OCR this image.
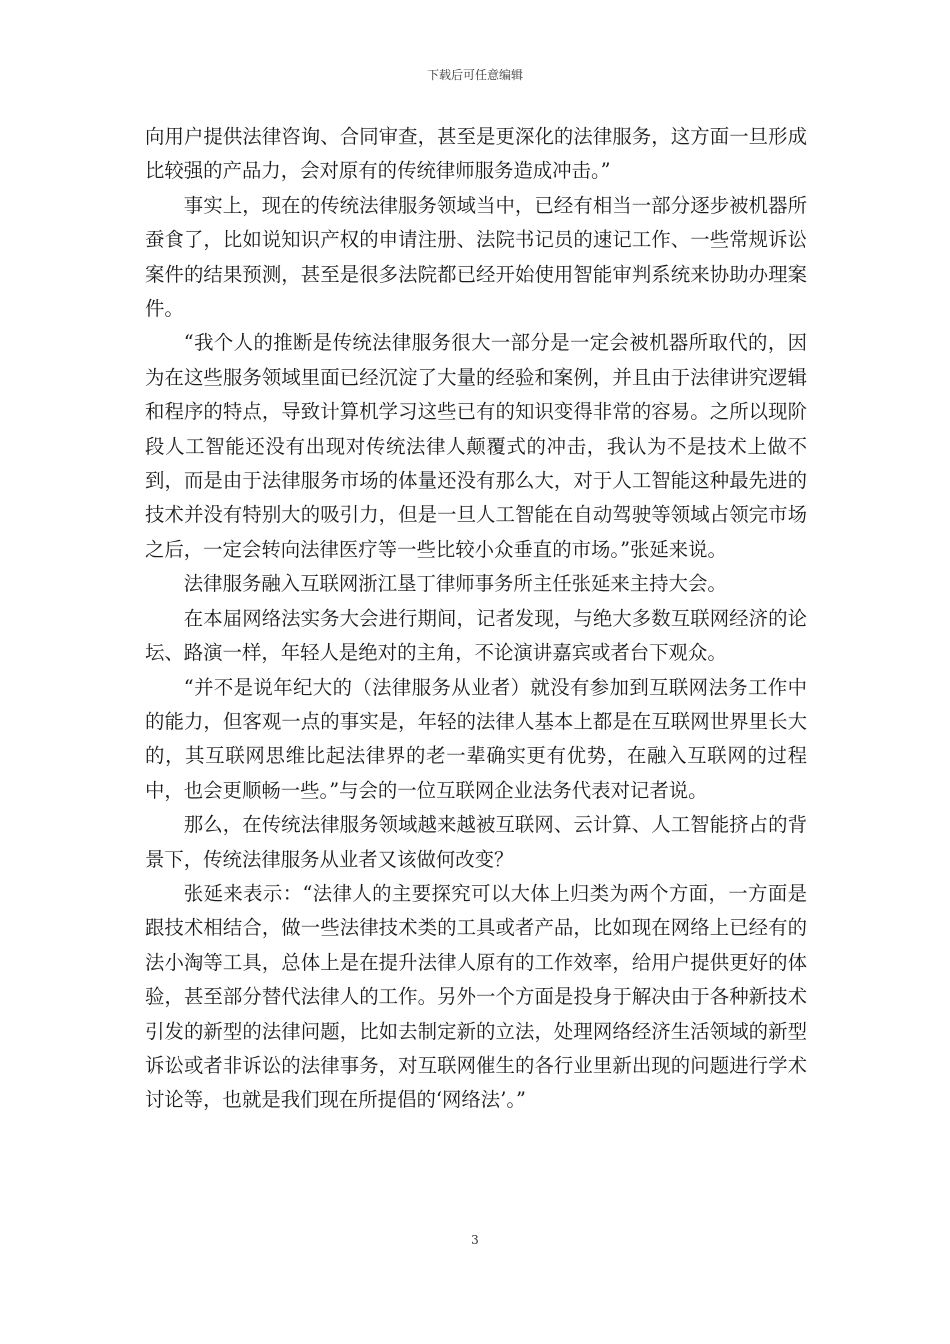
下载后可任意编辑

向用户提供法律咨询、合同审查，甚至是更深化的法律服务，这方面一旦形成比较强的产品力，会对原有的传统律师服务造成冲击。”

事实上，现在的传统法律服务领域当中，已经有相当一部分逐步被机器所蚕食了，比如说知识产权的申请注册、法院书记员的速记工作、一些常规诉讼案件的结果预测，甚至是很多法院都已经开始使用智能审判系统来协助办理案件。

“我个人的推断是传统法律服务很大一部分是一定会被机器所取代的，因为在这些服务领域里面已经沉淀了大量的经验和案例，并且由于法律讲究逻辑和程序的特点，导致计算机学习这些已有的知识变得非常的容易。之所以现阶段人工智能还没有出现对传统法律人颠覆式的冲击，我认为不是技术上做不到，而是由于法律服务市场的体量还没有那么大，对于人工智能这种最先进的技术并没有特别大的吸引力，但是一旦人工智能在自动驾驶等领域占领完市场之后，一定会转向法律医疗等一些比较小众垂直的市场。”张延来说。

法律服务融入互联网浙江垦丁律师事务所主任张延来主持大会。

在本届网络法实务大会进行期间，记者发现，与绝大多数互联网经济的论坛、路演一样，年轻人是绝对的主角，不论演讲嘉宾或者台下观众。

“并不是说年纪大的（法律服务从业者）就没有参加到互联网法务工作中的能力，但客观一点的事实是，年轻的法律人基本上都是在互联网世界里长大的，其互联网思维比起法律界的老一辈确实更有优势，在融入互联网的过程中，也会更顺畅一些。”与会的一位互联网企业法务代表对记者说。

那么，在传统法律服务领域越来越被互联网、云计算、人工智能挤占的背景下，传统法律服务从业者又该做何改变？

张延来表示：“法律人的主要探究可以大体上归类为两个方面，一方面是跟技术相结合，做一些法律技术类的工具或者产品，比如现在网络上已经有的法小淘等工具，总体上是在提升法律人原有的工作效率，给用户提供更好的体验，甚至部分替代法律人的工作。另外一个方面是投身于解决由于各种新技术引发的新型的法律问题，比如去制定新的立法，处理网络经济生活领域的新型诉讼或者非诉讼的法律事务，对互联网催生的各行业里新出现的问题进行学术讨论等，也就是我们现在所提倡的‘网络法’。”

3
